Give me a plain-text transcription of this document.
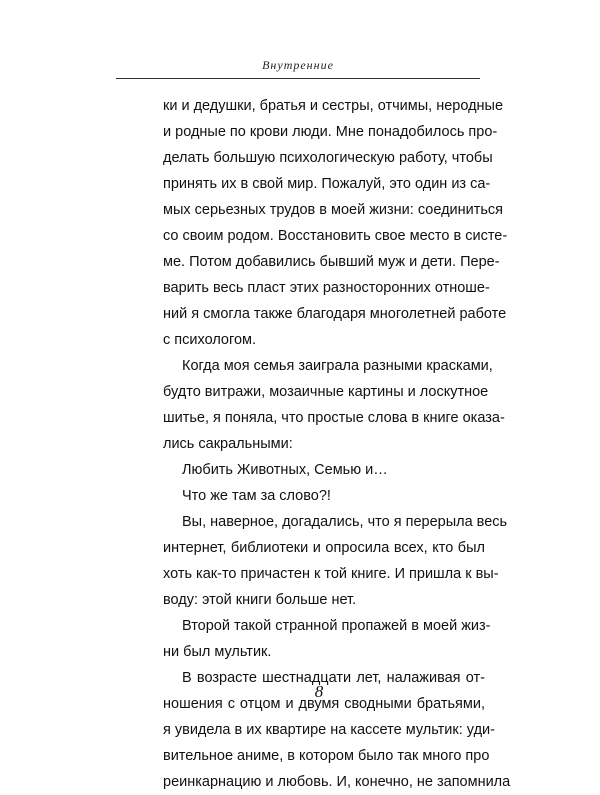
Внутренние
ки и дедушки, братья и сестры, отчимы, неродные
и родные по крови люди. Мне понадобилось про-
делать большую психологическую работу, чтобы
принять их в свой мир. Пожалуй, это один из са-
мых серьезных трудов в моей жизни: соединиться
со своим родом. Восстановить свое место в систе-
ме. Потом добавились бывший муж и дети. Пере-
варить весь пласт этих разносторонних отноше-
ний я смогла также благодаря многолетней работе
с психологом.
Когда моя семья заиграла разными красками,
будто витражи, мозаичные картины и лоскутное
шитье, я поняла, что простые слова в книге оказа-
лись сакральными:
Любить Животных, Семью и…
Что же там за слово?!
Вы, наверное, догадались, что я перерыла весь
интернет, библиотеки и опросила всех, кто был
хоть как-то причастен к той книге. И пришла к вы-
воду: этой книги больше нет.
Второй такой странной пропажей в моей жиз-
ни был мультик.
В возрасте шестнадцати лет, налаживая от-
ношения с отцом и двумя сводными братьями,
я увидела в их квартире на кассете мультик: уди-
вительное аниме, в котором было так много про
реинкарнацию и любовь. И, конечно, не запомнила
8
